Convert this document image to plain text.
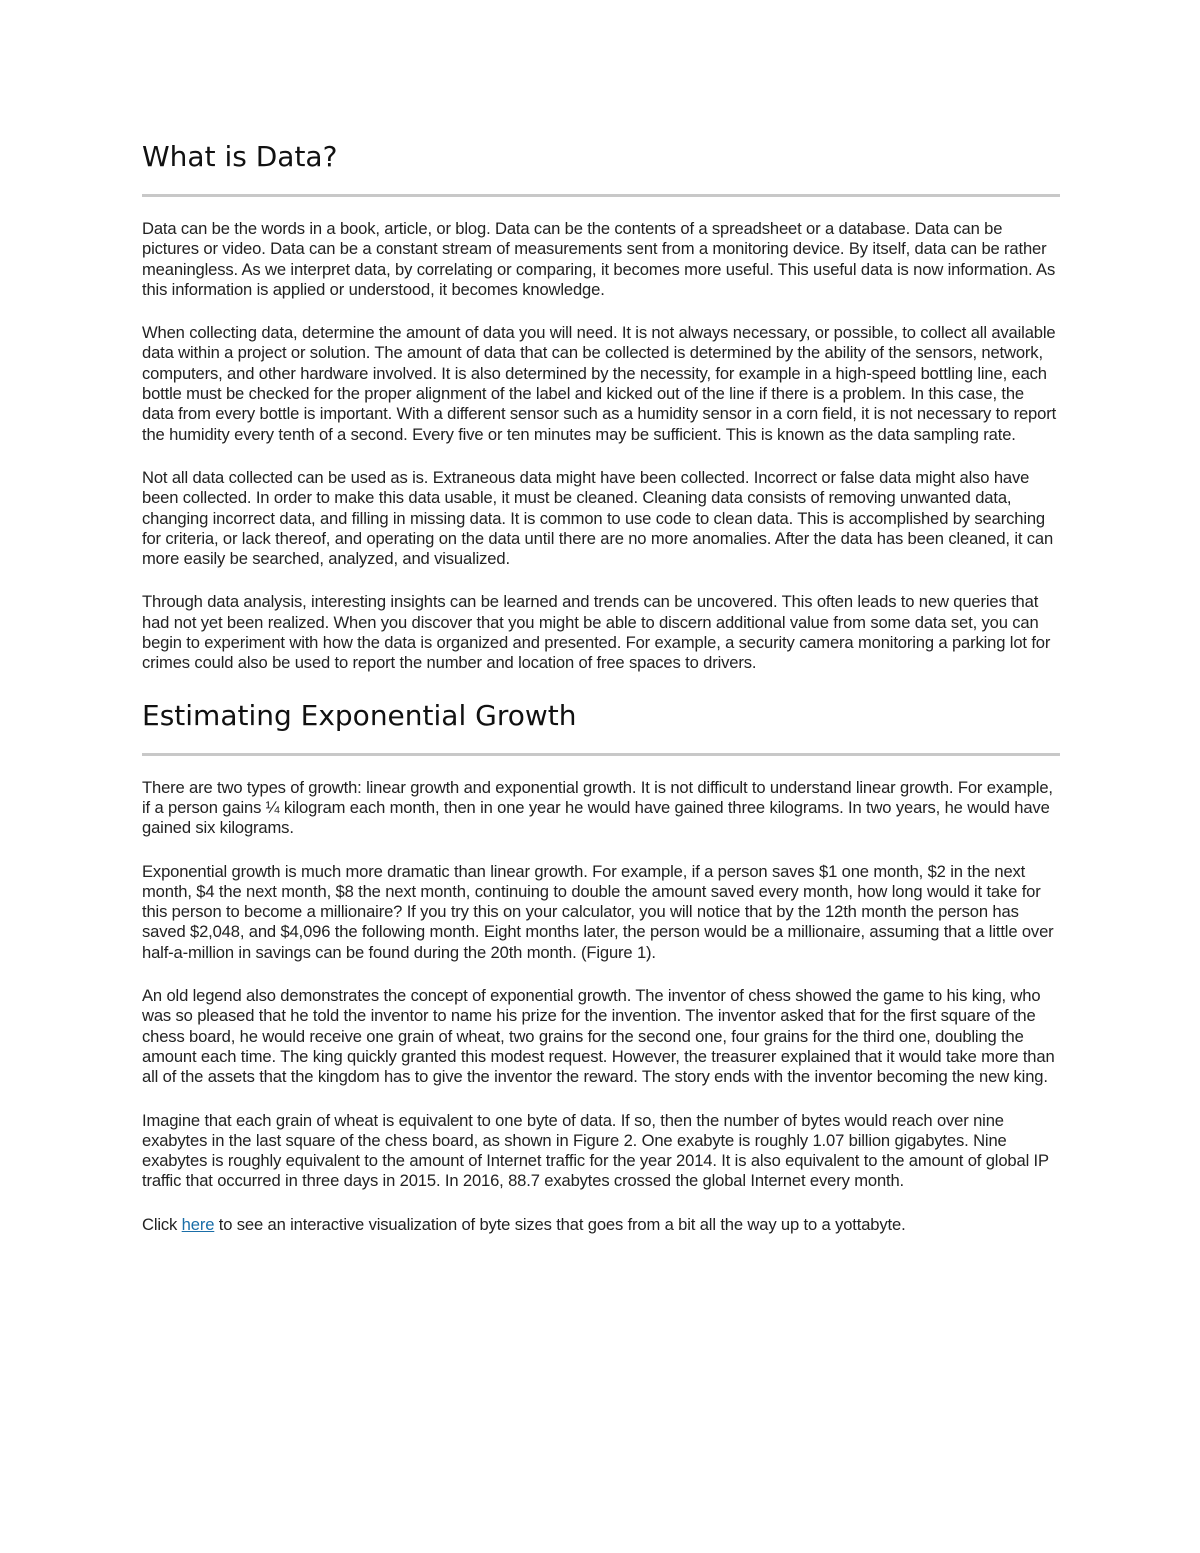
What is Data?

Data can be the words in a book, article, or blog. Data can be the contents of a spreadsheet or a database. Data can be pictures or video. Data can be a constant stream of measurements sent from a monitoring device. By itself, data can be rather meaningless. As we interpret data, by correlating or comparing, it becomes more useful. This useful data is now information. As this information is applied or understood, it becomes knowledge.

When collecting data, determine the amount of data you will need. It is not always necessary, or possible, to collect all available data within a project or solution. The amount of data that can be collected is determined by the ability of the sensors, network, computers, and other hardware involved. It is also determined by the necessity, for example in a high-speed bottling line, each bottle must be checked for the proper alignment of the label and kicked out of the line if there is a problem. In this case, the data from every bottle is important. With a different sensor such as a humidity sensor in a corn field, it is not necessary to report the humidity every tenth of a second. Every five or ten minutes may be sufficient. This is known as the data sampling rate.

Not all data collected can be used as is. Extraneous data might have been collected. Incorrect or false data might also have been collected. In order to make this data usable, it must be cleaned. Cleaning data consists of removing unwanted data, changing incorrect data, and filling in missing data. It is common to use code to clean data. This is accomplished by searching for criteria, or lack thereof, and operating on the data until there are no more anomalies. After the data has been cleaned, it can more easily be searched, analyzed, and visualized.

Through data analysis, interesting insights can be learned and trends can be uncovered. This often leads to new queries that had not yet been realized. When you discover that you might be able to discern additional value from some data set, you can begin to experiment with how the data is organized and presented. For example, a security camera monitoring a parking lot for crimes could also be used to report the number and location of free spaces to drivers.

Estimating Exponential Growth

There are two types of growth: linear growth and exponential growth. It is not difficult to understand linear growth. For example, if a person gains ¼ kilogram each month, then in one year he would have gained three kilograms. In two years, he would have gained six kilograms.

Exponential growth is much more dramatic than linear growth. For example, if a person saves $1 one month, $2 in the next month, $4 the next month, $8 the next month, continuing to double the amount saved every month, how long would it take for this person to become a millionaire? If you try this on your calculator, you will notice that by the 12th month the person has saved $2,048, and $4,096 the following month. Eight months later, the person would be a millionaire, assuming that a little over half-a-million in savings can be found during the 20th month. (Figure 1).

An old legend also demonstrates the concept of exponential growth. The inventor of chess showed the game to his king, who was so pleased that he told the inventor to name his prize for the invention. The inventor asked that for the first square of the chess board, he would receive one grain of wheat, two grains for the second one, four grains for the third one, doubling the amount each time. The king quickly granted this modest request. However, the treasurer explained that it would take more than all of the assets that the kingdom has to give the inventor the reward. The story ends with the inventor becoming the new king.

Imagine that each grain of wheat is equivalent to one byte of data. If so, then the number of bytes would reach over nine exabytes in the last square of the chess board, as shown in Figure 2. One exabyte is roughly 1.07 billion gigabytes. Nine exabytes is roughly equivalent to the amount of Internet traffic for the year 2014. It is also equivalent to the amount of global IP traffic that occurred in three days in 2015. In 2016, 88.7 exabytes crossed the global Internet every month.

Click here to see an interactive visualization of byte sizes that goes from a bit all the way up to a yottabyte.
